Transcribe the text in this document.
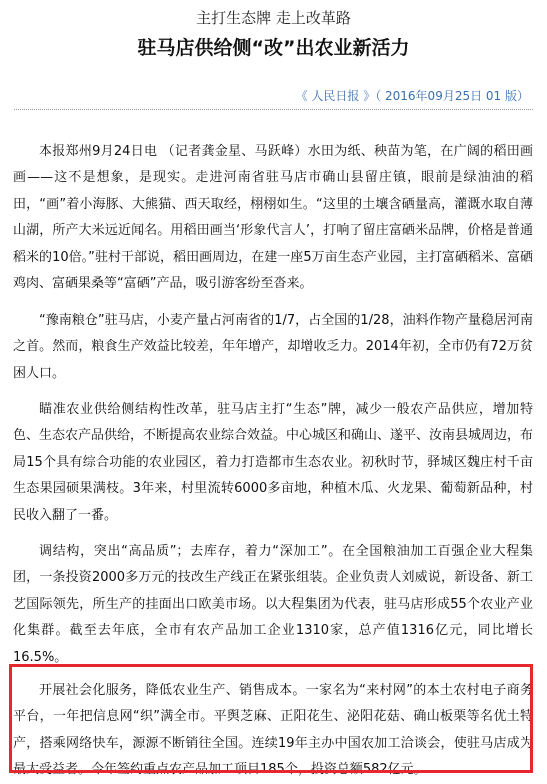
主打生态牌 走上改革路
驻马店供给侧“改”出农业新活力
《 人民日报 》（ 2016年09月25日 01 版）

本报郑州9月24日电 （记者龚金星、马跃峰）水田为纸、秧苗为笔，在广阔的稻田画画——这不是想象，是现实。走进河南省驻马店市确山县留庄镇，眼前是绿油油的稻田，“画”着小海豚、大熊猫、西天取经，栩栩如生。“这里的土壤含硒量高，灌溉水取自薄山湖，所产大米远近闻名。用稻田画当‘形象代言人’，打响了留庄富硒米品牌，价格是普通稻米的10倍。”驻村干部说，稻田画周边，在建一座5万亩生态产业园，主打富硒稻米、富硒鸡肉、富硒果桑等“富硒”产品，吸引游客纷至沓来。

“豫南粮仓”驻马店，小麦产量占河南省的1/7，占全国的1/28，油料作物产量稳居河南之首。然而，粮食生产效益比较差，年年增产，却增收乏力。2014年初，全市仍有72万贫困人口。

瞄准农业供给侧结构性改革，驻马店主打“生态”牌，减少一般农产品供应，增加特色、生态农产品供给，不断提高农业综合效益。中心城区和确山、遂平、汝南县城周边，布局15个具有综合功能的农业园区，着力打造都市生态农业。初秋时节，驿城区魏庄村千亩生态果园硕果满枝。3年来，村里流转6000多亩地，种植木瓜、火龙果、葡萄新品种，村民收入翻了一番。

调结构，突出“高品质”；去库存，着力“深加工”。在全国粮油加工百强企业大程集团，一条投资2000多万元的技改生产线正在紧张组装。企业负责人刘威说，新设备、新工艺国际领先，所生产的挂面出口欧美市场。以大程集团为代表，驻马店形成55个农业产业化集群。截至去年底，全市有农产品加工企业1310家，总产值1316亿元，同比增长16.5%。

开展社会化服务，降低农业生产、销售成本。一家名为“来村网”的本土农村电子商务平台，一年把信息网“织”满全市。平舆芝麻、正阳花生、泌阳花菇、确山板栗等名优土特产，搭乘网络快车，源源不断销往全国。连续19年主办中国农加工洽谈会，使驻马店成为最大受益者。今年签约重点农产品加工项目185个，投资总额582亿元。
